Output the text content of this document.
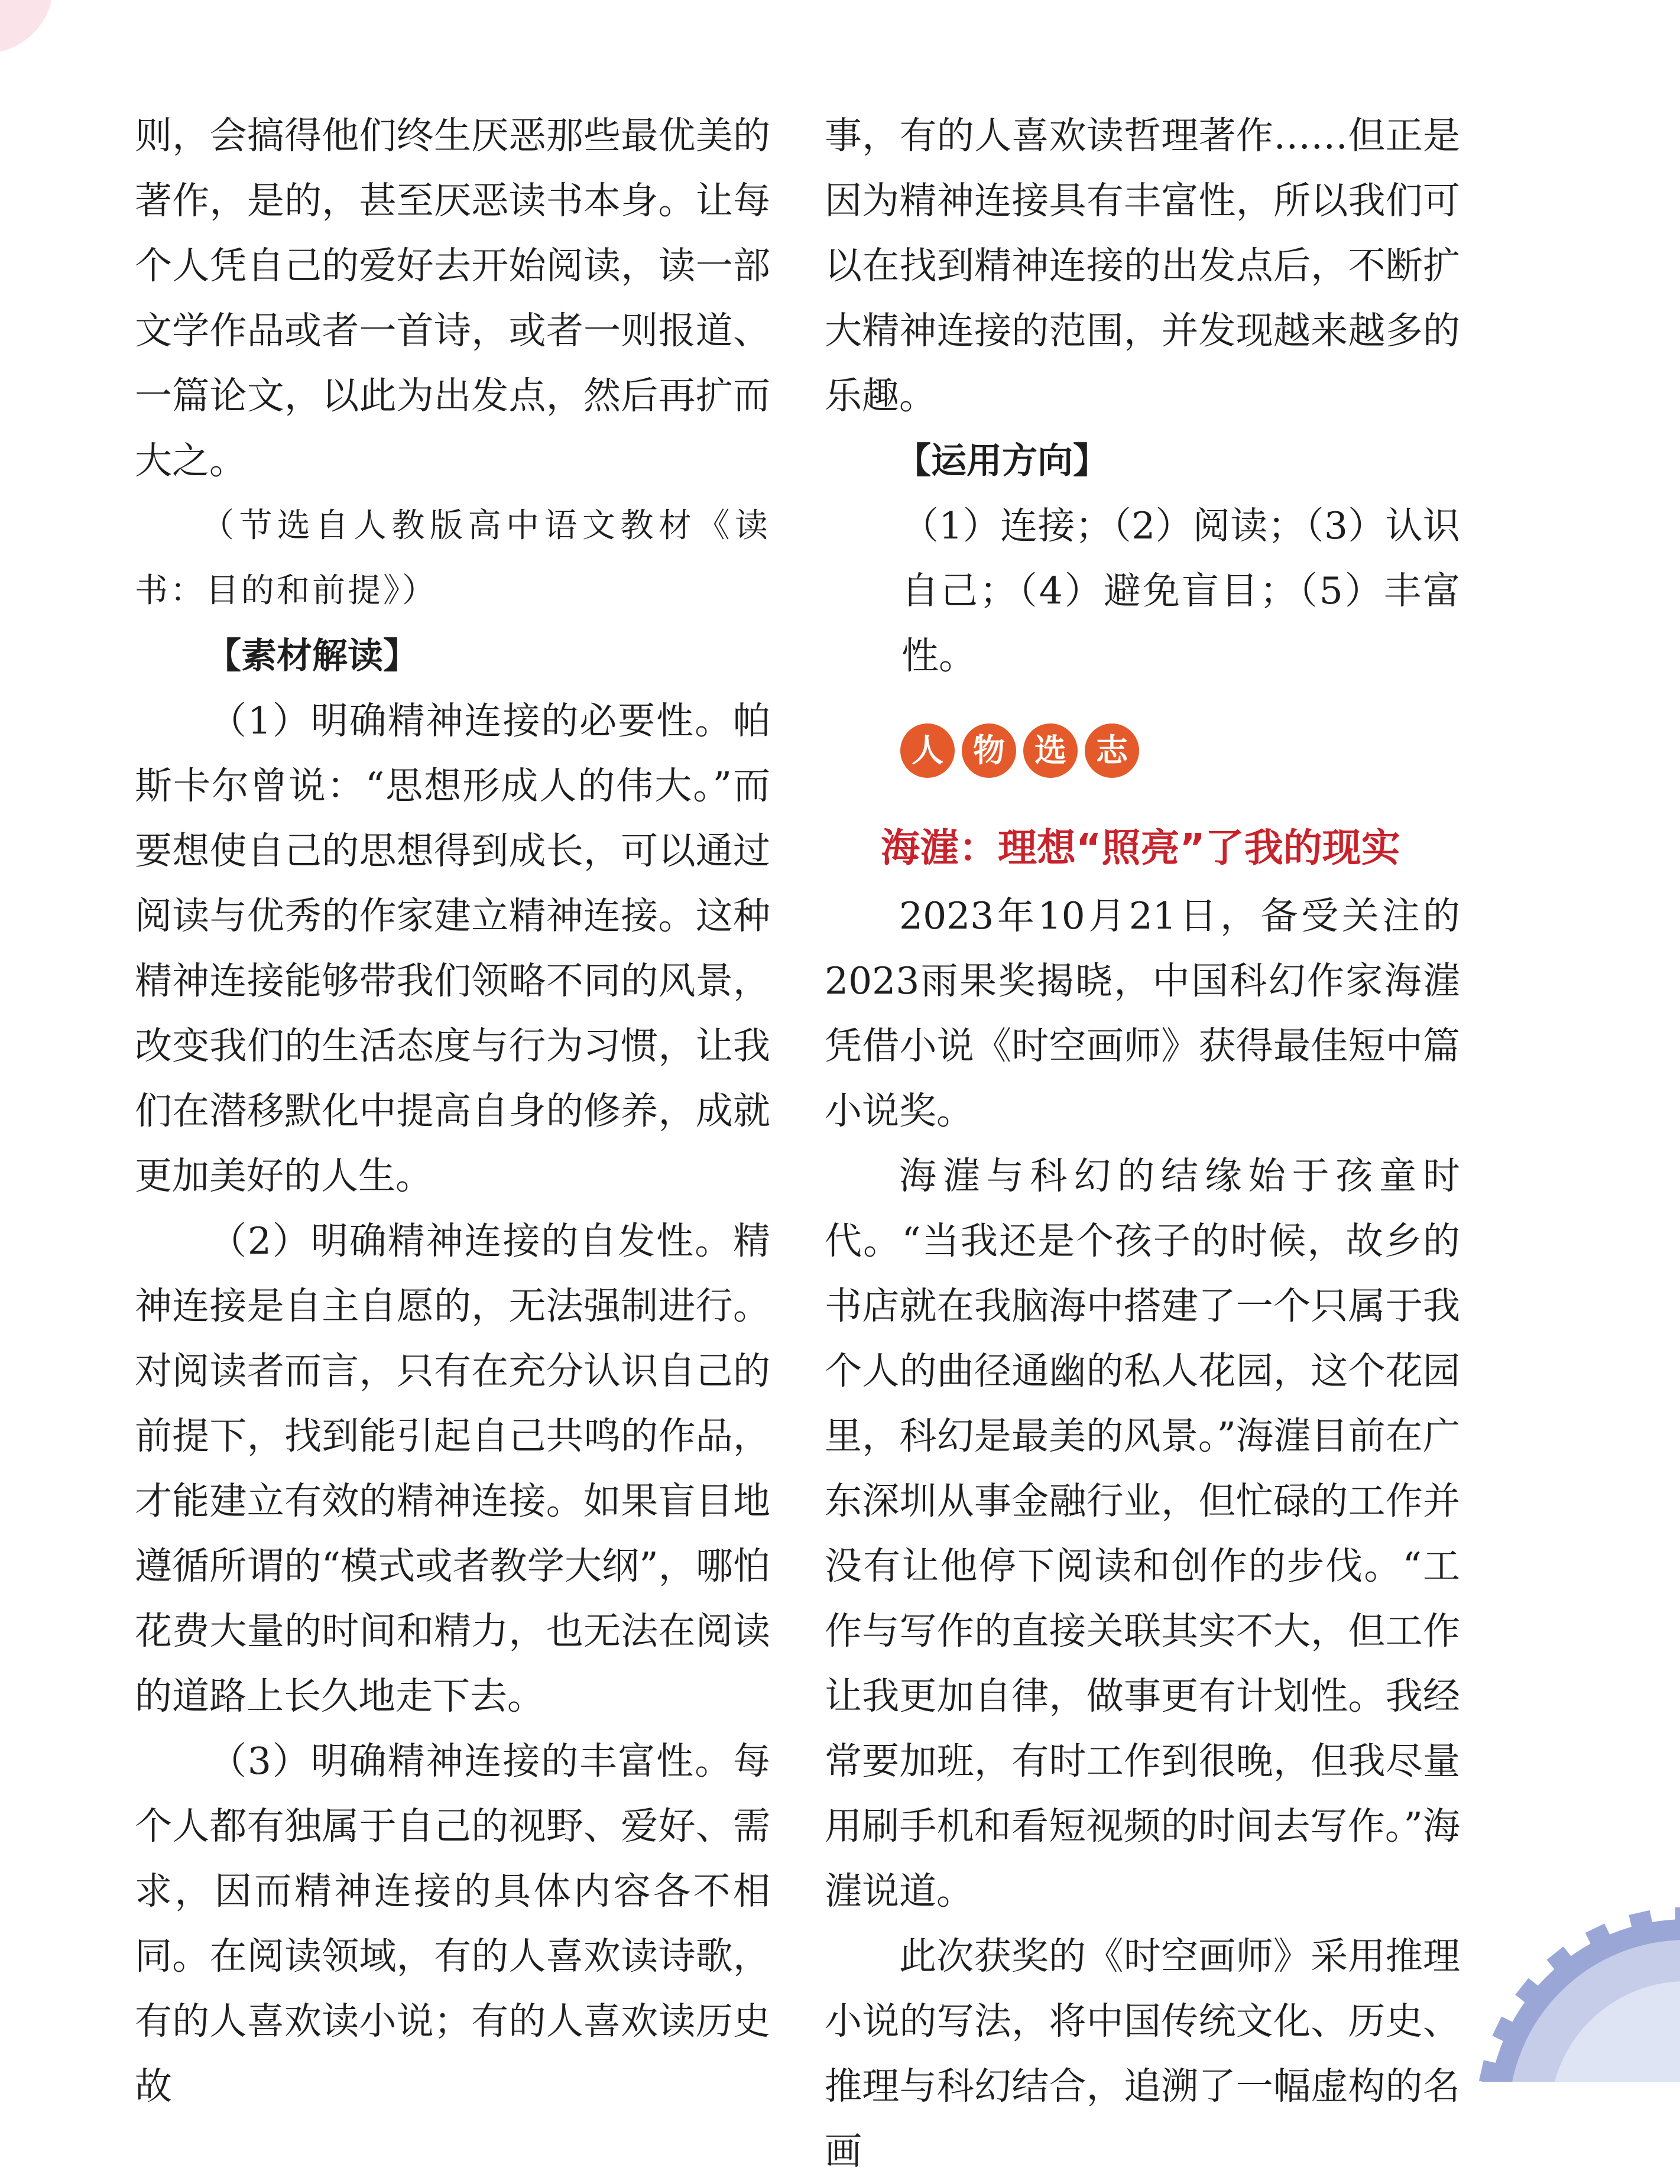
则，会搞得他们终生厌恶那些最优美的著作，是的，甚至厌恶读书本身。让每个人凭自己的爱好去开始阅读，读一部文学作品或者一首诗，或者一则报道、一篇论文，以此为出发点，然后再扩而大之。

（节选自人教版高中语文教材《读书：目的和前提》）

【素材解读】

（1）明确精神连接的必要性。帕斯卡尔曾说：“思想形成人的伟大。”而要想使自己的思想得到成长，可以通过阅读与优秀的作家建立精神连接。这种精神连接能够带我们领略不同的风景，改变我们的生活态度与行为习惯，让我们在潜移默化中提高自身的修养，成就更加美好的人生。

（2）明确精神连接的自发性。精神连接是自主自愿的，无法强制进行。对阅读者而言，只有在充分认识自己的前提下，找到能引起自己共鸣的作品，才能建立有效的精神连接。如果盲目地遵循所谓的“模式或者教学大纲”，哪怕花费大量的时间和精力，也无法在阅读的道路上长久地走下去。

（3）明确精神连接的丰富性。每个人都有独属于自己的视野、爱好、需求，因而精神连接的具体内容各不相同。在阅读领域，有的人喜欢读诗歌，有的人喜欢读小说；有的人喜欢读历史故

事，有的人喜欢读哲理著作……但正是因为精神连接具有丰富性，所以我们可以在找到精神连接的出发点后，不断扩大精神连接的范围，并发现越来越多的乐趣。

【运用方向】

（1）连接；（2）阅读；（3）认识自己；（4）避免盲目；（5）丰富性。

人 物 选 志

海漄：理想“照亮”了我的现实

2023年10月21日，备受关注的2023雨果奖揭晓，中国科幻作家海漄凭借小说《时空画师》获得最佳短中篇小说奖。

海漄与科幻的结缘始于孩童时代。“当我还是个孩子的时候，故乡的书店就在我脑海中搭建了一个只属于我个人的曲径通幽的私人花园，这个花园里，科幻是最美的风景。”海漄目前在广东深圳从事金融行业，但忙碌的工作并没有让他停下阅读和创作的步伐。“工作与写作的直接关联其实不大，但工作让我更加自律，做事更有计划性。我经常要加班，有时工作到很晚，但我尽量用刷手机和看短视频的时间去写作。”海漄说道。

此次获奖的《时空画师》采用推理小说的写法，将中国传统文化、历史、推理与科幻结合，追溯了一幅虚构的名画
